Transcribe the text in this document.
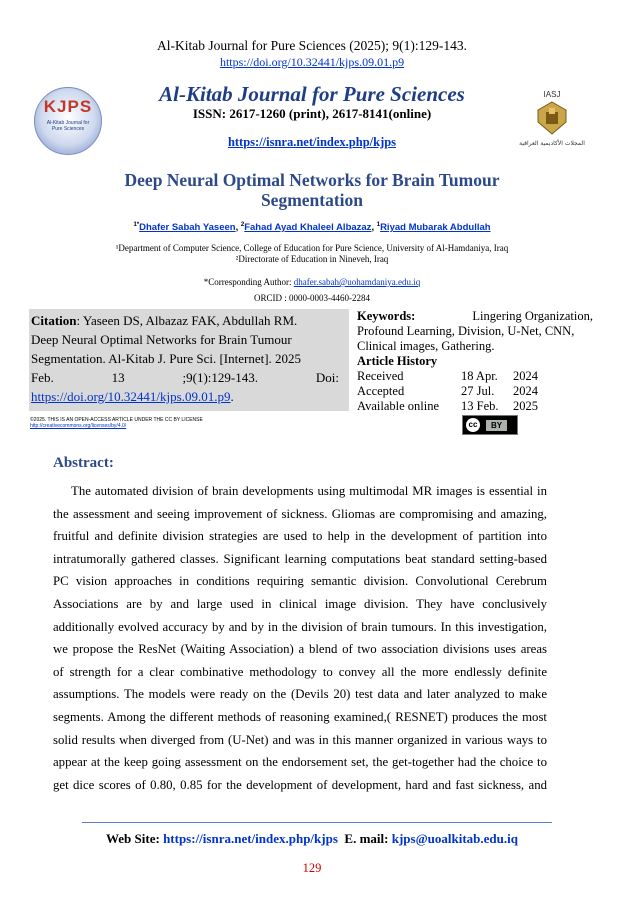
Al-Kitab Journal for Pure Sciences (2025); 9(1):129-143.
https://doi.org/10.32441/kjps.09.01.p9
KJPS
Al-Kitab Journal for Pure Sciences
Al-Kitab Journal for Pure Sciences
ISSN: 2617-1260 (print), 2617-8141(online)
IASJ
المجلات الأكاديمية العراقية
https://isnra.net/index.php/kjps
Deep Neural Optimal Networks for Brain Tumour
Segmentation
$^{1*}$Dhafer Sabah Yaseen, $^2$Fahad Ayad Khaleel Albazaz, $^1$Riyad Mubarak Abdullah
¹Department of Computer Science, College of Education for Pure Science, University of Al-Hamdaniya, Iraq
²Directorate of Education in Nineveh, Iraq
*Corresponding Author: dhafer.sabah@uohamdaniya.edu.iq
ORCID : 0000-0003-4460-2284
Citation: Yaseen DS, Albazaz FAK, Abdullah RM.
Deep Neural Optimal Networks for Brain Tumour
Segmentation. Al-Kitab J. Pure Sci. [Internet]. 2025
Feb.	13	;9(1):129-143.	Doi:
https://doi.org/10.32441/kjps.09.01.p9.
Keywords:	Lingering Organization,
Profound Learning, Division, U-Net, CNN,
Clinical images, Gathering.
Article History
Received	18 Apr. 2024
Accepted	27 Jul. 2024
Available online 13 Feb. 2025
©2025. THIS IS AN OPEN-ACCESS ARTICLE UNDER THE CC BY LICENSE
http://creativecommons.org/licenses/by/4.0/	cc	BY
Abstract:
The automated division of brain developments using multimodal MR images is essential in
the assessment and seeing improvement of sickness. Gliomas are compromising and amazing,
fruitful and definite division strategies are used to help in the development of partition into
intratumorally gathered classes. Significant learning computations beat standard setting-based
PC vision approaches in conditions requiring semantic division. Convolutional Cerebrum
Associations are by and large used in clinical image division. They have conclusively
additionally evolved accuracy by and by in the division of brain tumours. In this investigation,
we propose the ResNet (Waiting Association) a blend of two association divisions uses areas
of strength for a clear combinative methodology to convey all the more endlessly definite
assumptions. The models were ready on the (Devils 20) test data and later analyzed to make
segments. Among the different methods of reasoning examined,( RESNET) produces the most
solid results when diverged from (U-Net) and was in this manner organized in various ways to
appear at the keep going assessment on the endorsement set, the get-together had the choice to
get dice scores of 0.80, 0.85 for the development of development, hard and fast sickness, and
Web Site: https://isnra.net/index.php/kjps E. mail: kjps@uoalkitab.edu.iq
129
